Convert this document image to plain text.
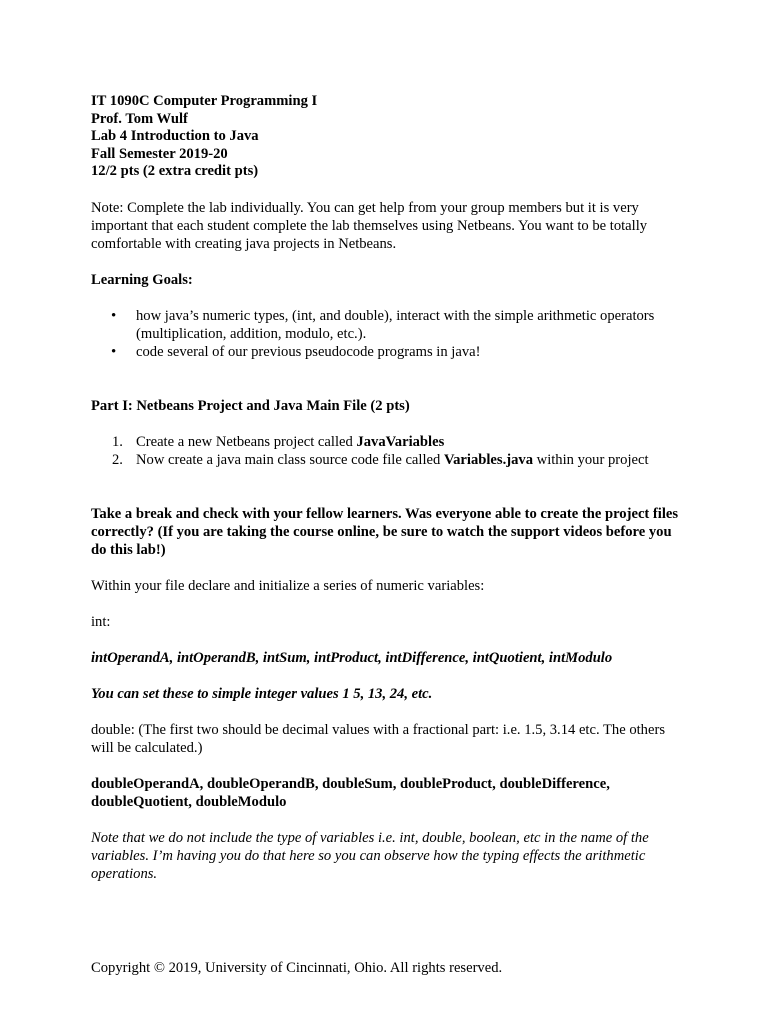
IT 1090C Computer Programming I
Prof. Tom Wulf
Lab 4 Introduction to Java
Fall Semester 2019-20
12/2 pts (2 extra credit pts)

Note: Complete the lab individually. You can get help from your group members but it is very important that each student complete the lab themselves using Netbeans. You want to be totally comfortable with creating java projects in Netbeans.

Learning Goals:

• how java’s numeric types, (int, and double), interact with the simple arithmetic operators (multiplication, addition, modulo, etc.).
• code several of our previous pseudocode programs in java!

Part I: Netbeans Project and Java Main File (2 pts)

1. Create a new Netbeans project called JavaVariables
2. Now create a java main class source code file called Variables.java within your project

Take a break and check with your fellow learners. Was everyone able to create the project files correctly? (If you are taking the course online, be sure to watch the support videos before you do this lab!)

Within your file declare and initialize a series of numeric variables:

int:

intOperandA, intOperandB, intSum, intProduct, intDifference, intQuotient, intModulo

You can set these to simple integer values 1 5, 13, 24, etc.

double: (The first two should be decimal values with a fractional part: i.e. 1.5, 3.14 etc. The others will be calculated.)

doubleOperandA, doubleOperandB, doubleSum, doubleProduct, doubleDifference, doubleQuotient, doubleModulo

Note that we do not include the type of variables i.e. int, double, boolean, etc in the name of the variables. I’m having you do that here so you can observe how the typing effects the arithmetic operations.

Copyright © 2019, University of Cincinnati, Ohio. All rights reserved.
